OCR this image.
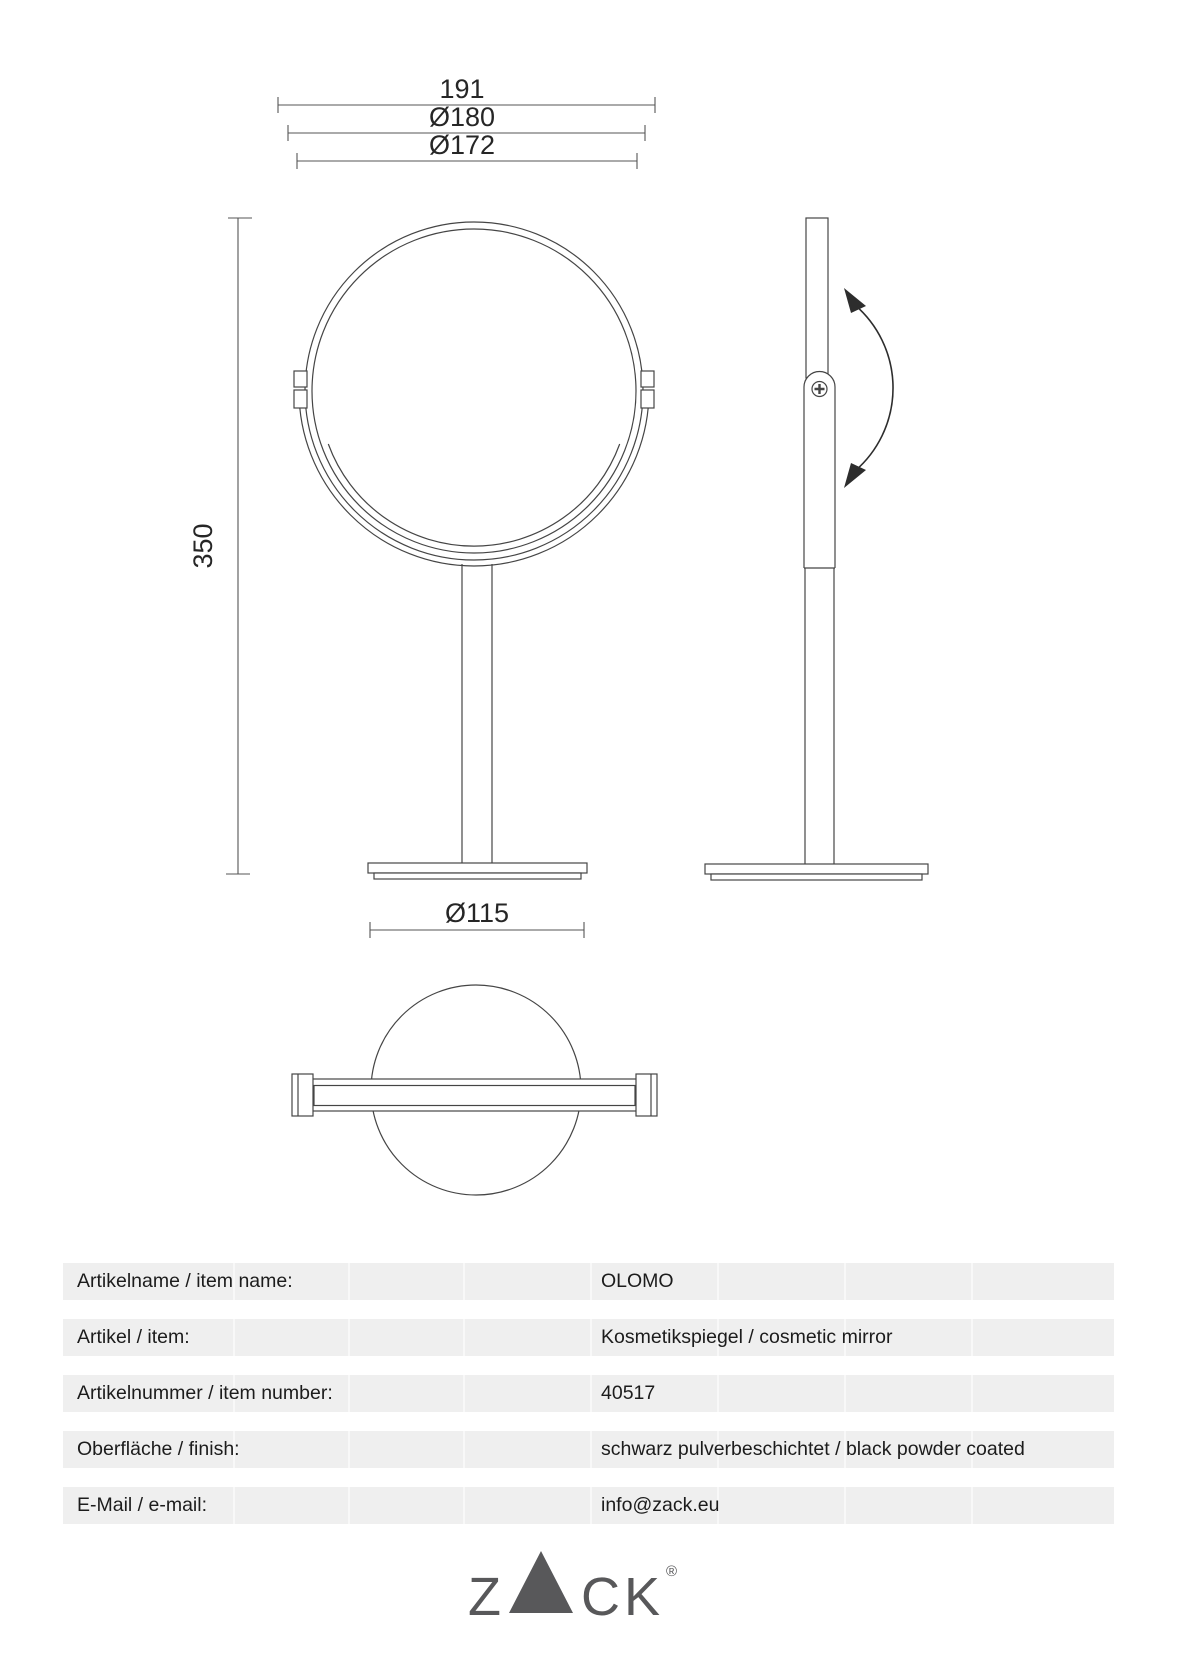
191
Ø180
Ø172
350
Ø115
Artikelname / item name:	OLOMO
Artikel / item:	Kosmetikspiegel / cosmetic mirror
Artikelnummer / item number:	40517
Oberfläche / finish:	schwarz pulverbeschichtet / black powder coated
E-Mail / e-mail:	info@zack.eu
Z CK ®
